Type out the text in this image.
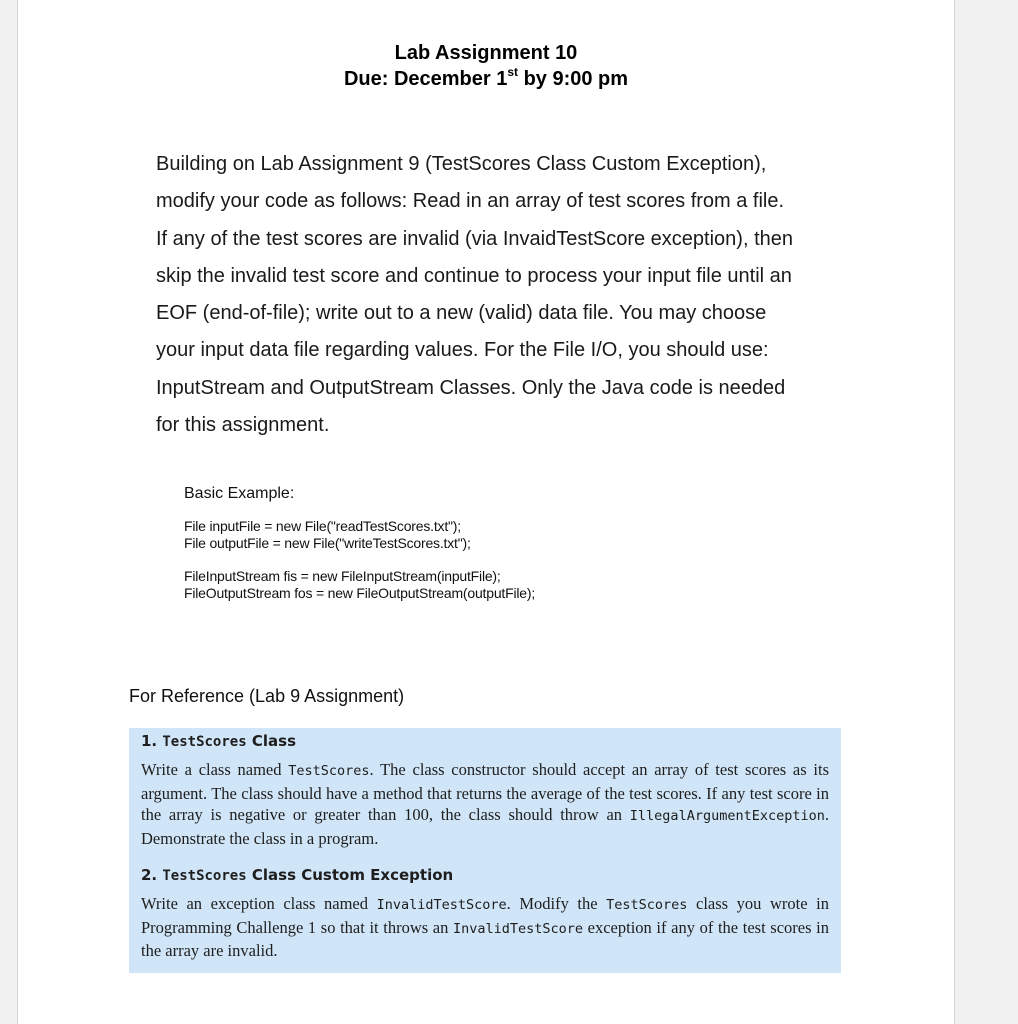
Lab Assignment 10
Due: December 1st by 9:00 pm
Building on Lab Assignment 9 (TestScores Class Custom Exception),
modify your code as follows: Read in an array of test scores from a file.
If any of the test scores are invalid (via InvaidTestScore exception), then
skip the invalid test score and continue to process your input file until an
EOF (end-of-file); write out to a new (valid) data file. You may choose
your input data file regarding values. For the File I/O, you should use:
InputStream and OutputStream Classes. Only the Java code is needed
for this assignment.
Basic Example:
File inputFile = new File("readTestScores.txt");
File outputFile = new File("writeTestScores.txt");
FileInputStream fis = new FileInputStream(inputFile);
FileOutputStream fos = new FileOutputStream(outputFile);
For Reference (Lab 9 Assignment)
1. TestScores Class
Write a class named TestScores. The class constructor should accept an array of test scores as its argument. The class should have a method that returns the average of the test scores. If any test score in the array is negative or greater than 100, the class should throw an IllegalArgumentException. Demonstrate the class in a program.
2. TestScores Class Custom Exception
Write an exception class named InvalidTestScore. Modify the TestScores class you wrote in Programming Challenge 1 so that it throws an InvalidTestScore exception if any of the test scores in the array are invalid.
